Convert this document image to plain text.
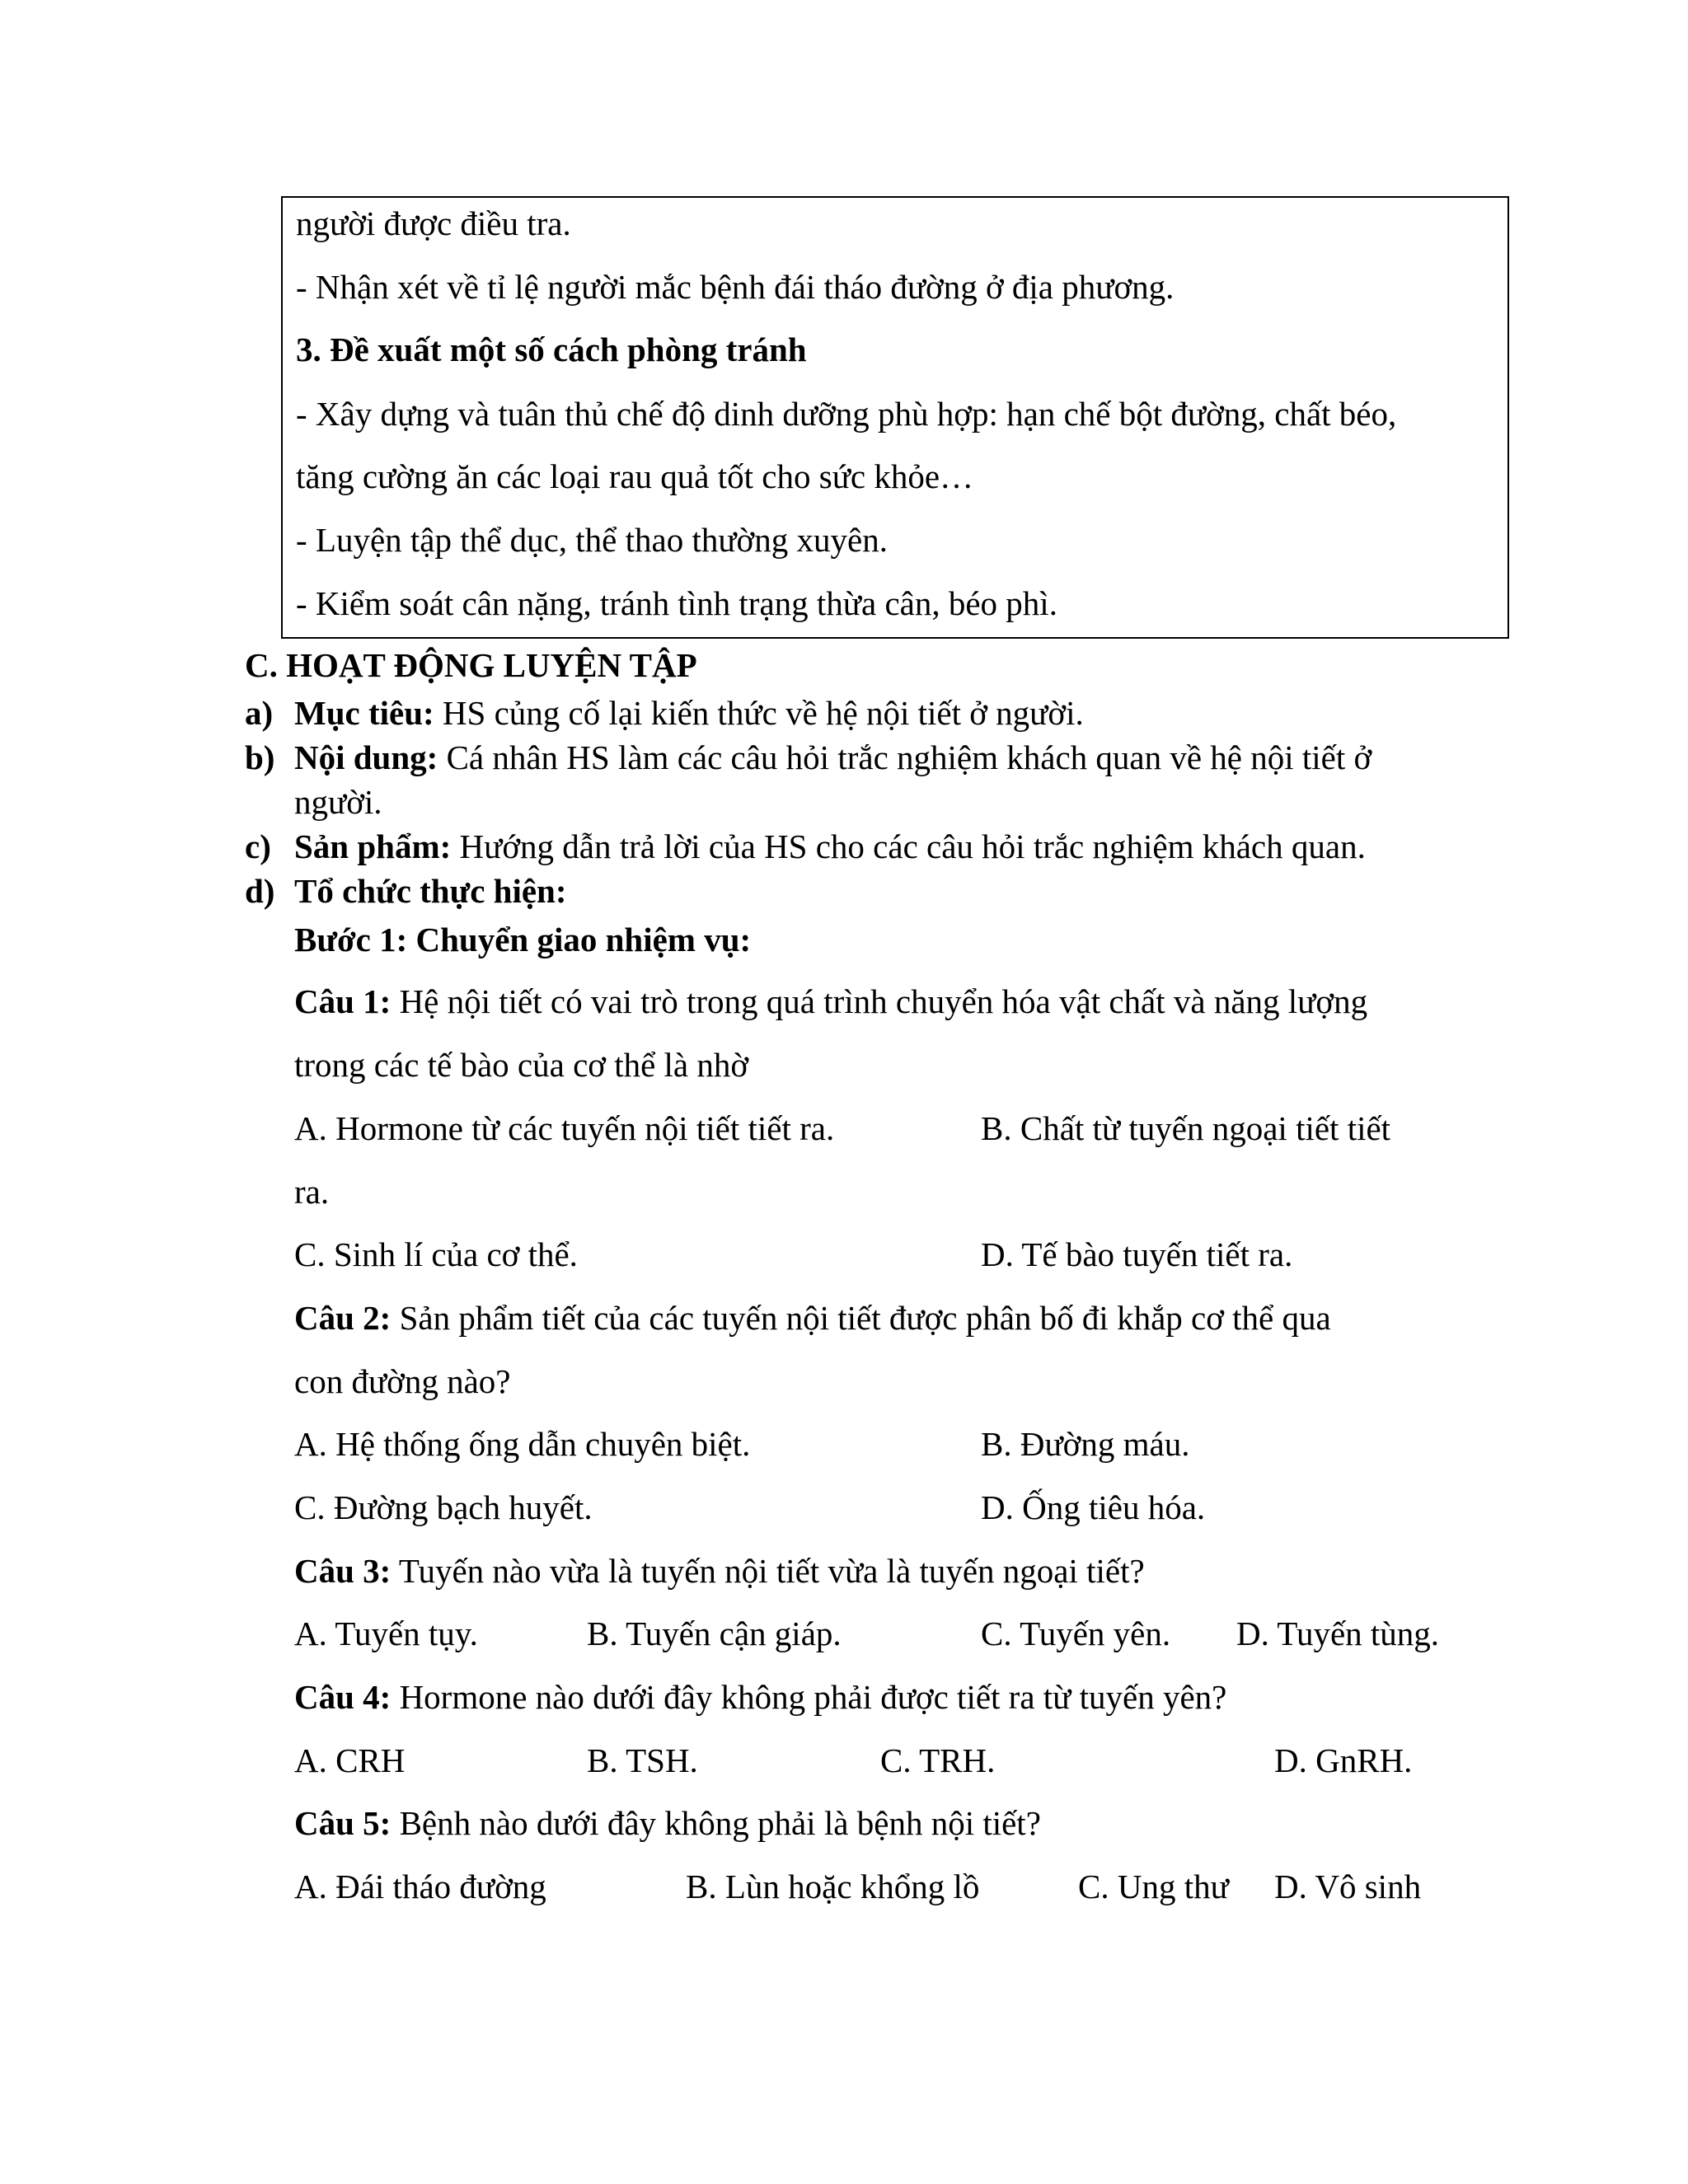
người được điều tra.
- Nhận xét về tỉ lệ người mắc bệnh đái tháo đường ở địa phương.
3. Đề xuất một số cách phòng tránh
- Xây dựng và tuân thủ chế độ dinh dưỡng phù hợp: hạn chế bột đường, chất béo,
tăng cường ăn các loại rau quả tốt cho sức khỏe…
- Luyện tập thể dục, thể thao thường xuyên.
- Kiểm soát cân nặng, tránh tình trạng thừa cân, béo phì.
C. HOẠT ĐỘNG LUYỆN TẬP
a) Mục tiêu: HS củng cố lại kiến thức về hệ nội tiết ở người.
b) Nội dung: Cá nhân HS làm các câu hỏi trắc nghiệm khách quan về hệ nội tiết ở
người.
c) Sản phẩm: Hướng dẫn trả lời của HS cho các câu hỏi trắc nghiệm khách quan.
d) Tổ chức thực hiện:
Bước 1: Chuyển giao nhiệm vụ:
Câu 1: Hệ nội tiết có vai trò trong quá trình chuyển hóa vật chất và năng lượng
trong các tế bào của cơ thể là nhờ
A. Hormone từ các tuyến nội tiết tiết ra.	B. Chất từ tuyến ngoại tiết tiết
ra.
C. Sinh lí của cơ thể.	D. Tế bào tuyến tiết ra.
Câu 2: Sản phẩm tiết của các tuyến nội tiết được phân bố đi khắp cơ thể qua
con đường nào?
A. Hệ thống ống dẫn chuyên biệt.	B. Đường máu.
C. Đường bạch huyết.	D. Ống tiêu hóa.
Câu 3: Tuyến nào vừa là tuyến nội tiết vừa là tuyến ngoại tiết?
A. Tuyến tụy.	B. Tuyến cận giáp.	C. Tuyến yên. D. Tuyến tùng.
Câu 4: Hormone nào dưới đây không phải được tiết ra từ tuyến yên?
A. CRH	B. TSH.	C. TRH.	D. GnRH.
Câu 5: Bệnh nào dưới đây không phải là bệnh nội tiết?
A. Đái tháo đường	B. Lùn hoặc khổng lồ	C. Ung thư D. Vô sinh
